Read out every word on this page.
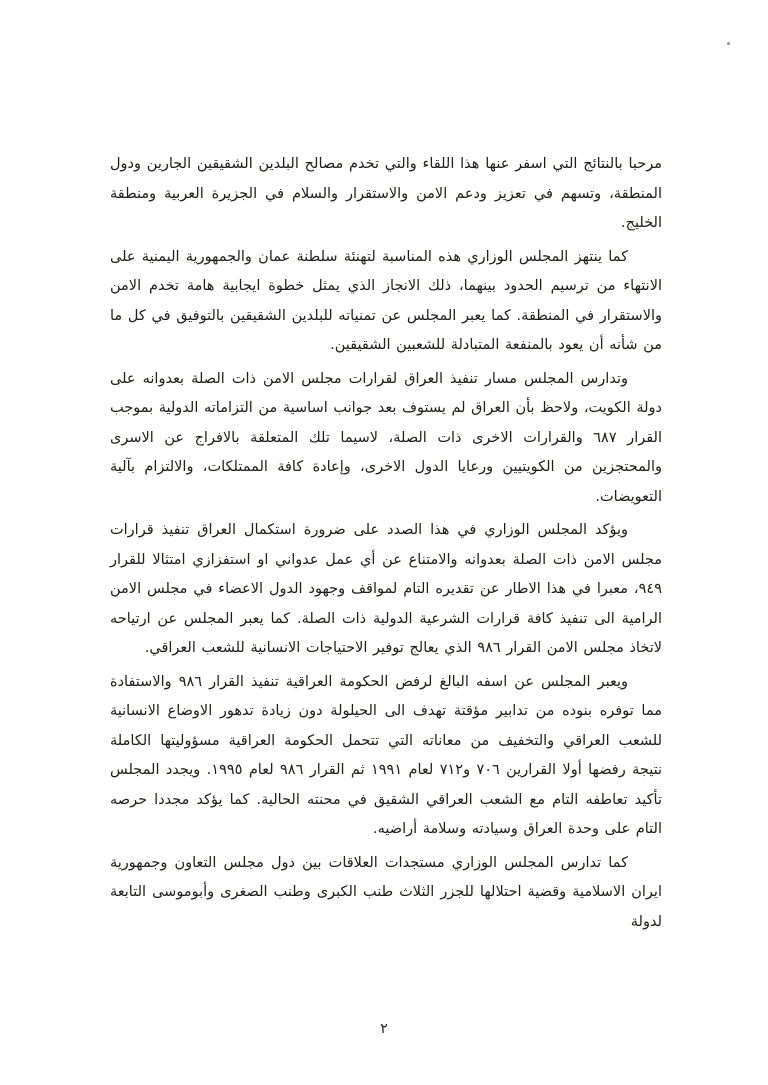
مرحبا بالنتائج التي اسفر عنها هذا اللقاء والتي تخدم مصالح البلدين الشقيقين الجارين ودول المنطقة، وتسهم في تعزيز ودعم الامن والاستقرار والسلام في الجزيرة العربية ومنطقة الخليج.

كما ينتهز المجلس الوزاري هذه المناسبة لتهنئة سلطنة عمان والجمهورية اليمنية على الانتهاء من ترسيم الحدود بينهما، ذلك الانجاز الذي يمثل خطوة ايجابية هامة تخدم الامن والاستقرار في المنطقة. كما يعبر المجلس عن تمنياته للبلدين الشقيقين بالتوفيق في كل ما من شأنه أن يعود بالمنفعة المتبادلة للشعبين الشقيقين.

وتدارس المجلس مسار تنفيذ العراق لقرارات مجلس الامن ذات الصلة بعدوانه على دولة الكويت، ولاحظ بأن العراق لم يستوف بعد جوانب اساسية من التزاماته الدولية بموجب القرار ٦٨٧ والقرارات الاخرى ذات الصلة، لاسيما تلك المتعلقة بالافراج عن الاسرى والمحتجزين من الكويتيين ورعايا الدول الاخرى، وإعادة كافة الممتلكات، والالتزام بآلية التعويضات.

ويؤكد المجلس الوزاري في هذا الصدد على ضرورة استكمال العراق تنفيذ قرارات مجلس الامن ذات الصلة بعدوانه والامتناع عن أي عمل عدواني او استفزازي امتثالا للقرار ٩٤٩، معبرا في هذا الاطار عن تقديره التام لمواقف وجهود الدول الاعضاء في مجلس الامن الرامية الى تنفيذ كافة قرارات الشرعية الدولية ذات الصلة. كما يعبر المجلس عن ارتياحه لاتخاذ مجلس الامن القرار ٩٨٦ الذي يعالج توفير الاحتياجات الانسانية للشعب العراقي.

ويعبر المجلس عن اسفه البالغ لرفض الحكومة العراقية تنفيذ القرار ٩٨٦ والاستفادة مما توفره بنوده من تدابير مؤقتة تهدف الى الحيلولة دون زيادة تدهور الاوضاع الانسانية للشعب العراقي والتخفيف من معاناته التي تتحمل الحكومة العراقية مسؤوليتها الكاملة نتيجة رفضها أولا القرارين ٧٠٦ و٧١٢ لعام ١٩٩١ ثم القرار ٩٨٦ لعام ١٩٩٥. ويجدد المجلس تأكيد تعاطفه التام مع الشعب العراقي الشقيق في محنته الحالية. كما يؤكد مجددا حرصه التام على وحدة العراق وسيادته وسلامة أراضيه.

كما تدارس المجلس الوزاري مستجدات العلاقات بين دول مجلس التعاون وجمهورية ايران الاسلامية وقضية احتلالها للجزر الثلاث طنب الكبرى وطنب الصغرى وأبوموسى التابعة لدولة

٢
